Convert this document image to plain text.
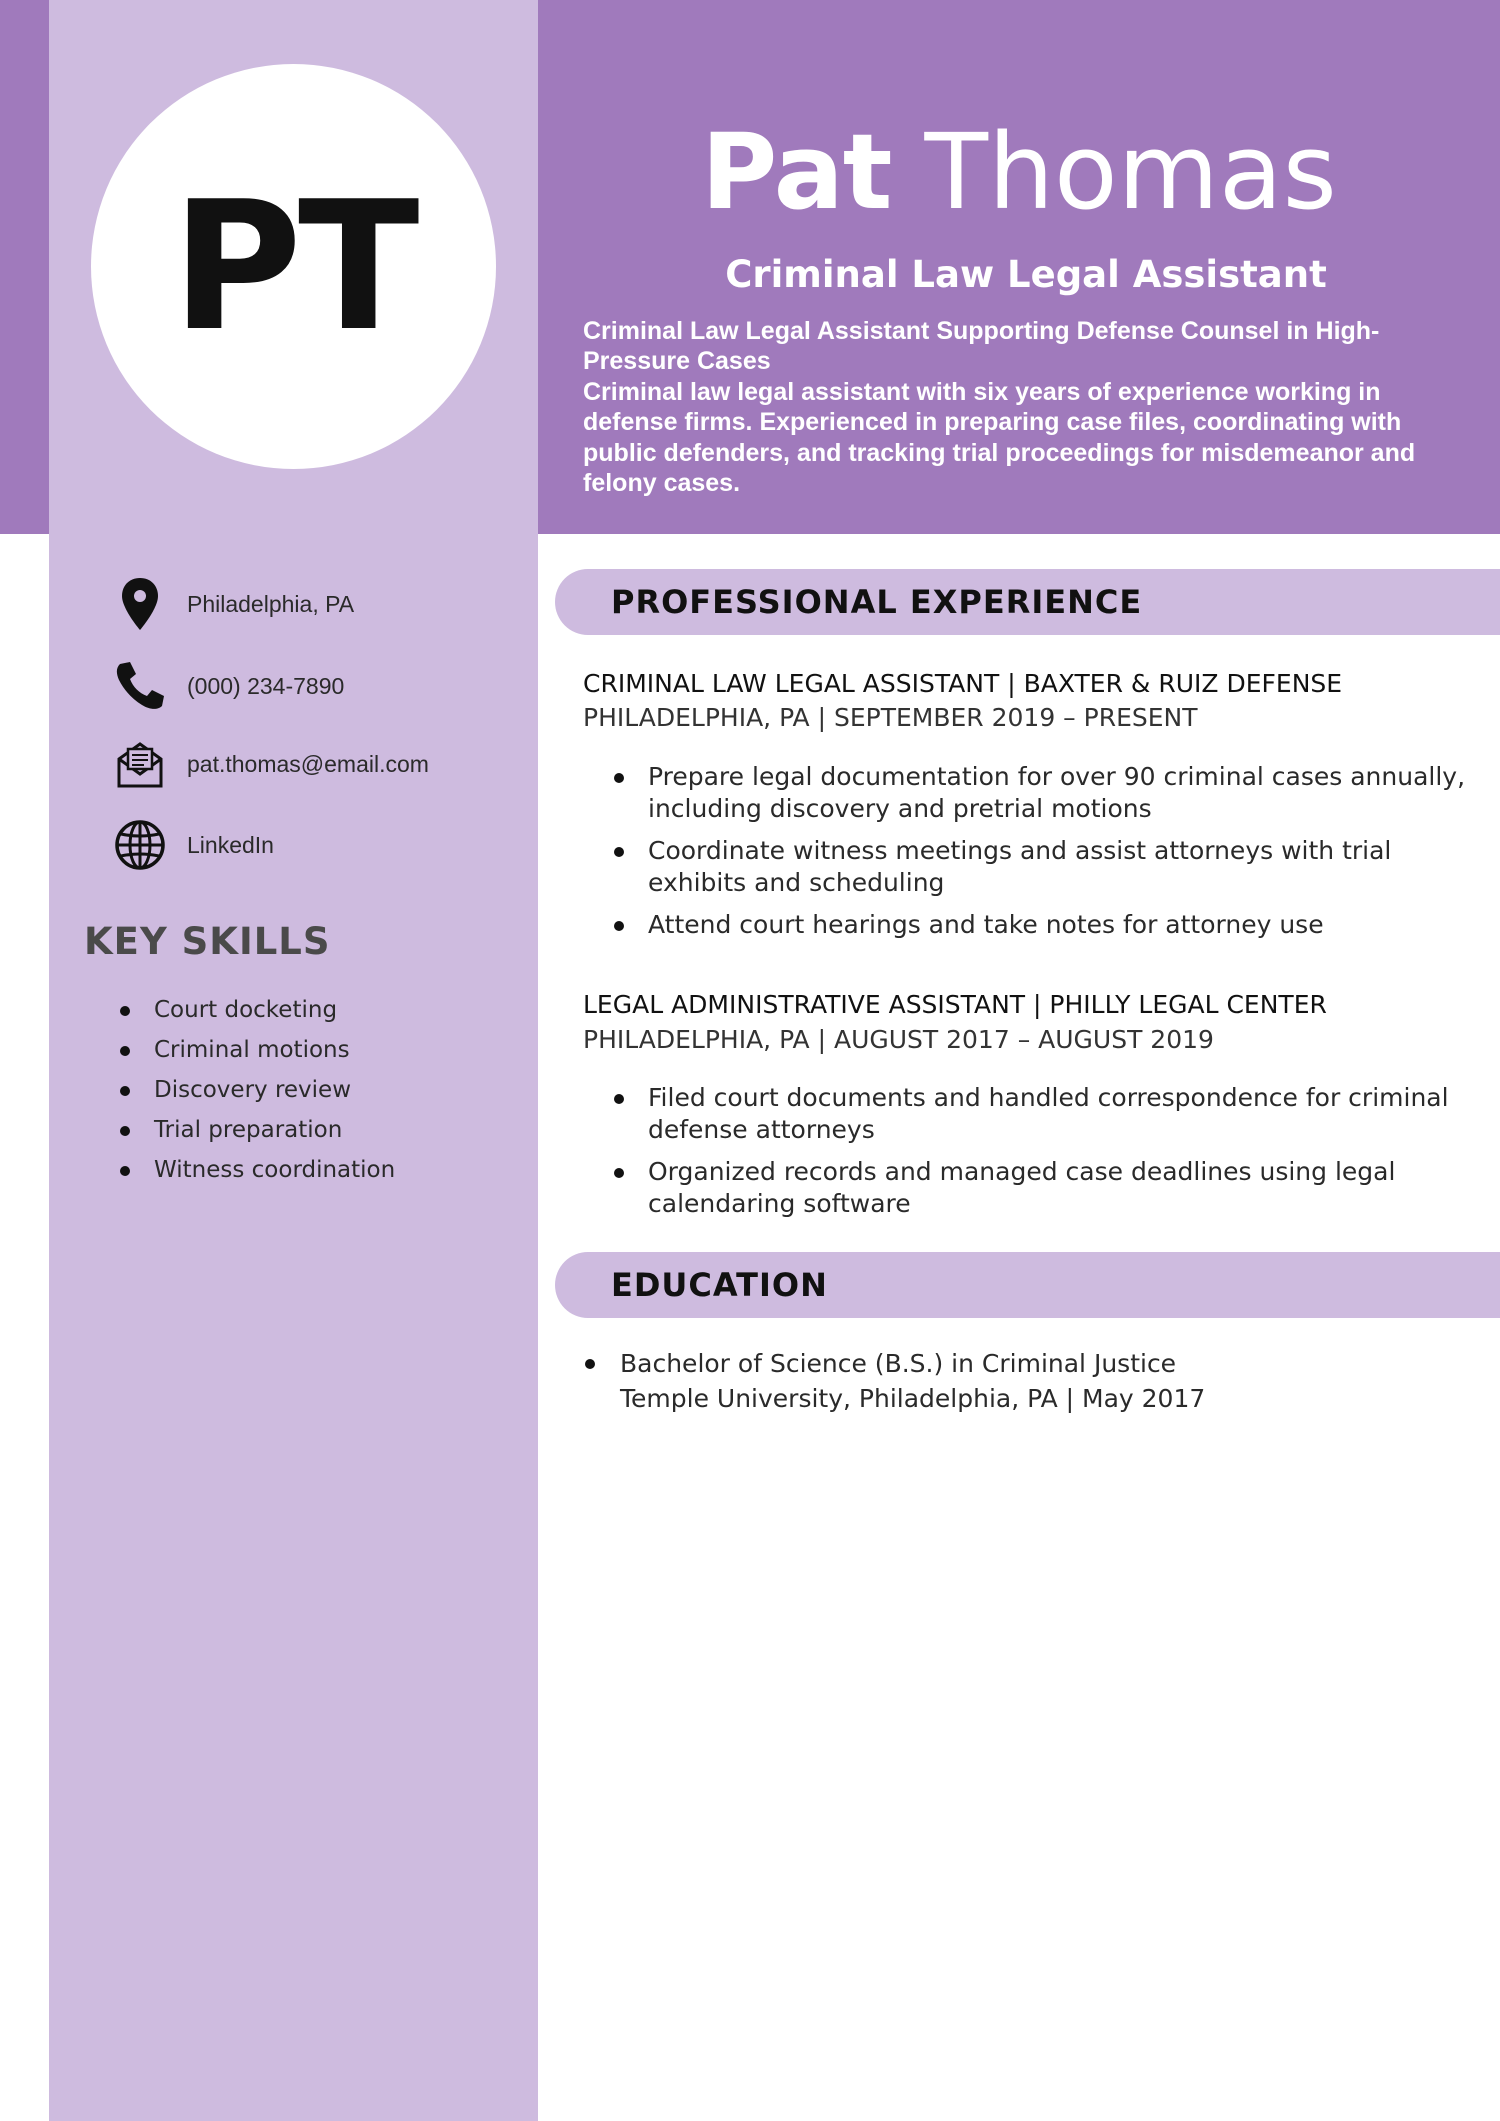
PT	Pat Thomas
Criminal Law Legal Assistant
Criminal Law Legal Assistant Supporting Defense Counsel in High-Pressure Cases
Criminal law legal assistant with six years of experience working in defense firms. Experienced in preparing case files, coordinating with public defenders, and tracking trial proceedings for misdemeanor and felony cases.
Philadelphia, PA
(000) 234-7890
pat.thomas@email.com
LinkedIn
KEY SKILLS
Court docketing
Criminal motions
Discovery review
Trial preparation
Witness coordination
PROFESSIONAL EXPERIENCE
CRIMINAL LAW LEGAL ASSISTANT | BAXTER & RUIZ DEFENSE
PHILADELPHIA, PA | SEPTEMBER 2019 – PRESENT
Prepare legal documentation for over 90 criminal cases annually, including discovery and pretrial motions
Coordinate witness meetings and assist attorneys with trial exhibits and scheduling
Attend court hearings and take notes for attorney use
LEGAL ADMINISTRATIVE ASSISTANT | PHILLY LEGAL CENTER
PHILADELPHIA, PA | AUGUST 2017 – AUGUST 2019
Filed court documents and handled correspondence for criminal defense attorneys
Organized records and managed case deadlines using legal calendaring software
EDUCATION
Bachelor of Science (B.S.) in Criminal Justice
Temple University, Philadelphia, PA | May 2017
